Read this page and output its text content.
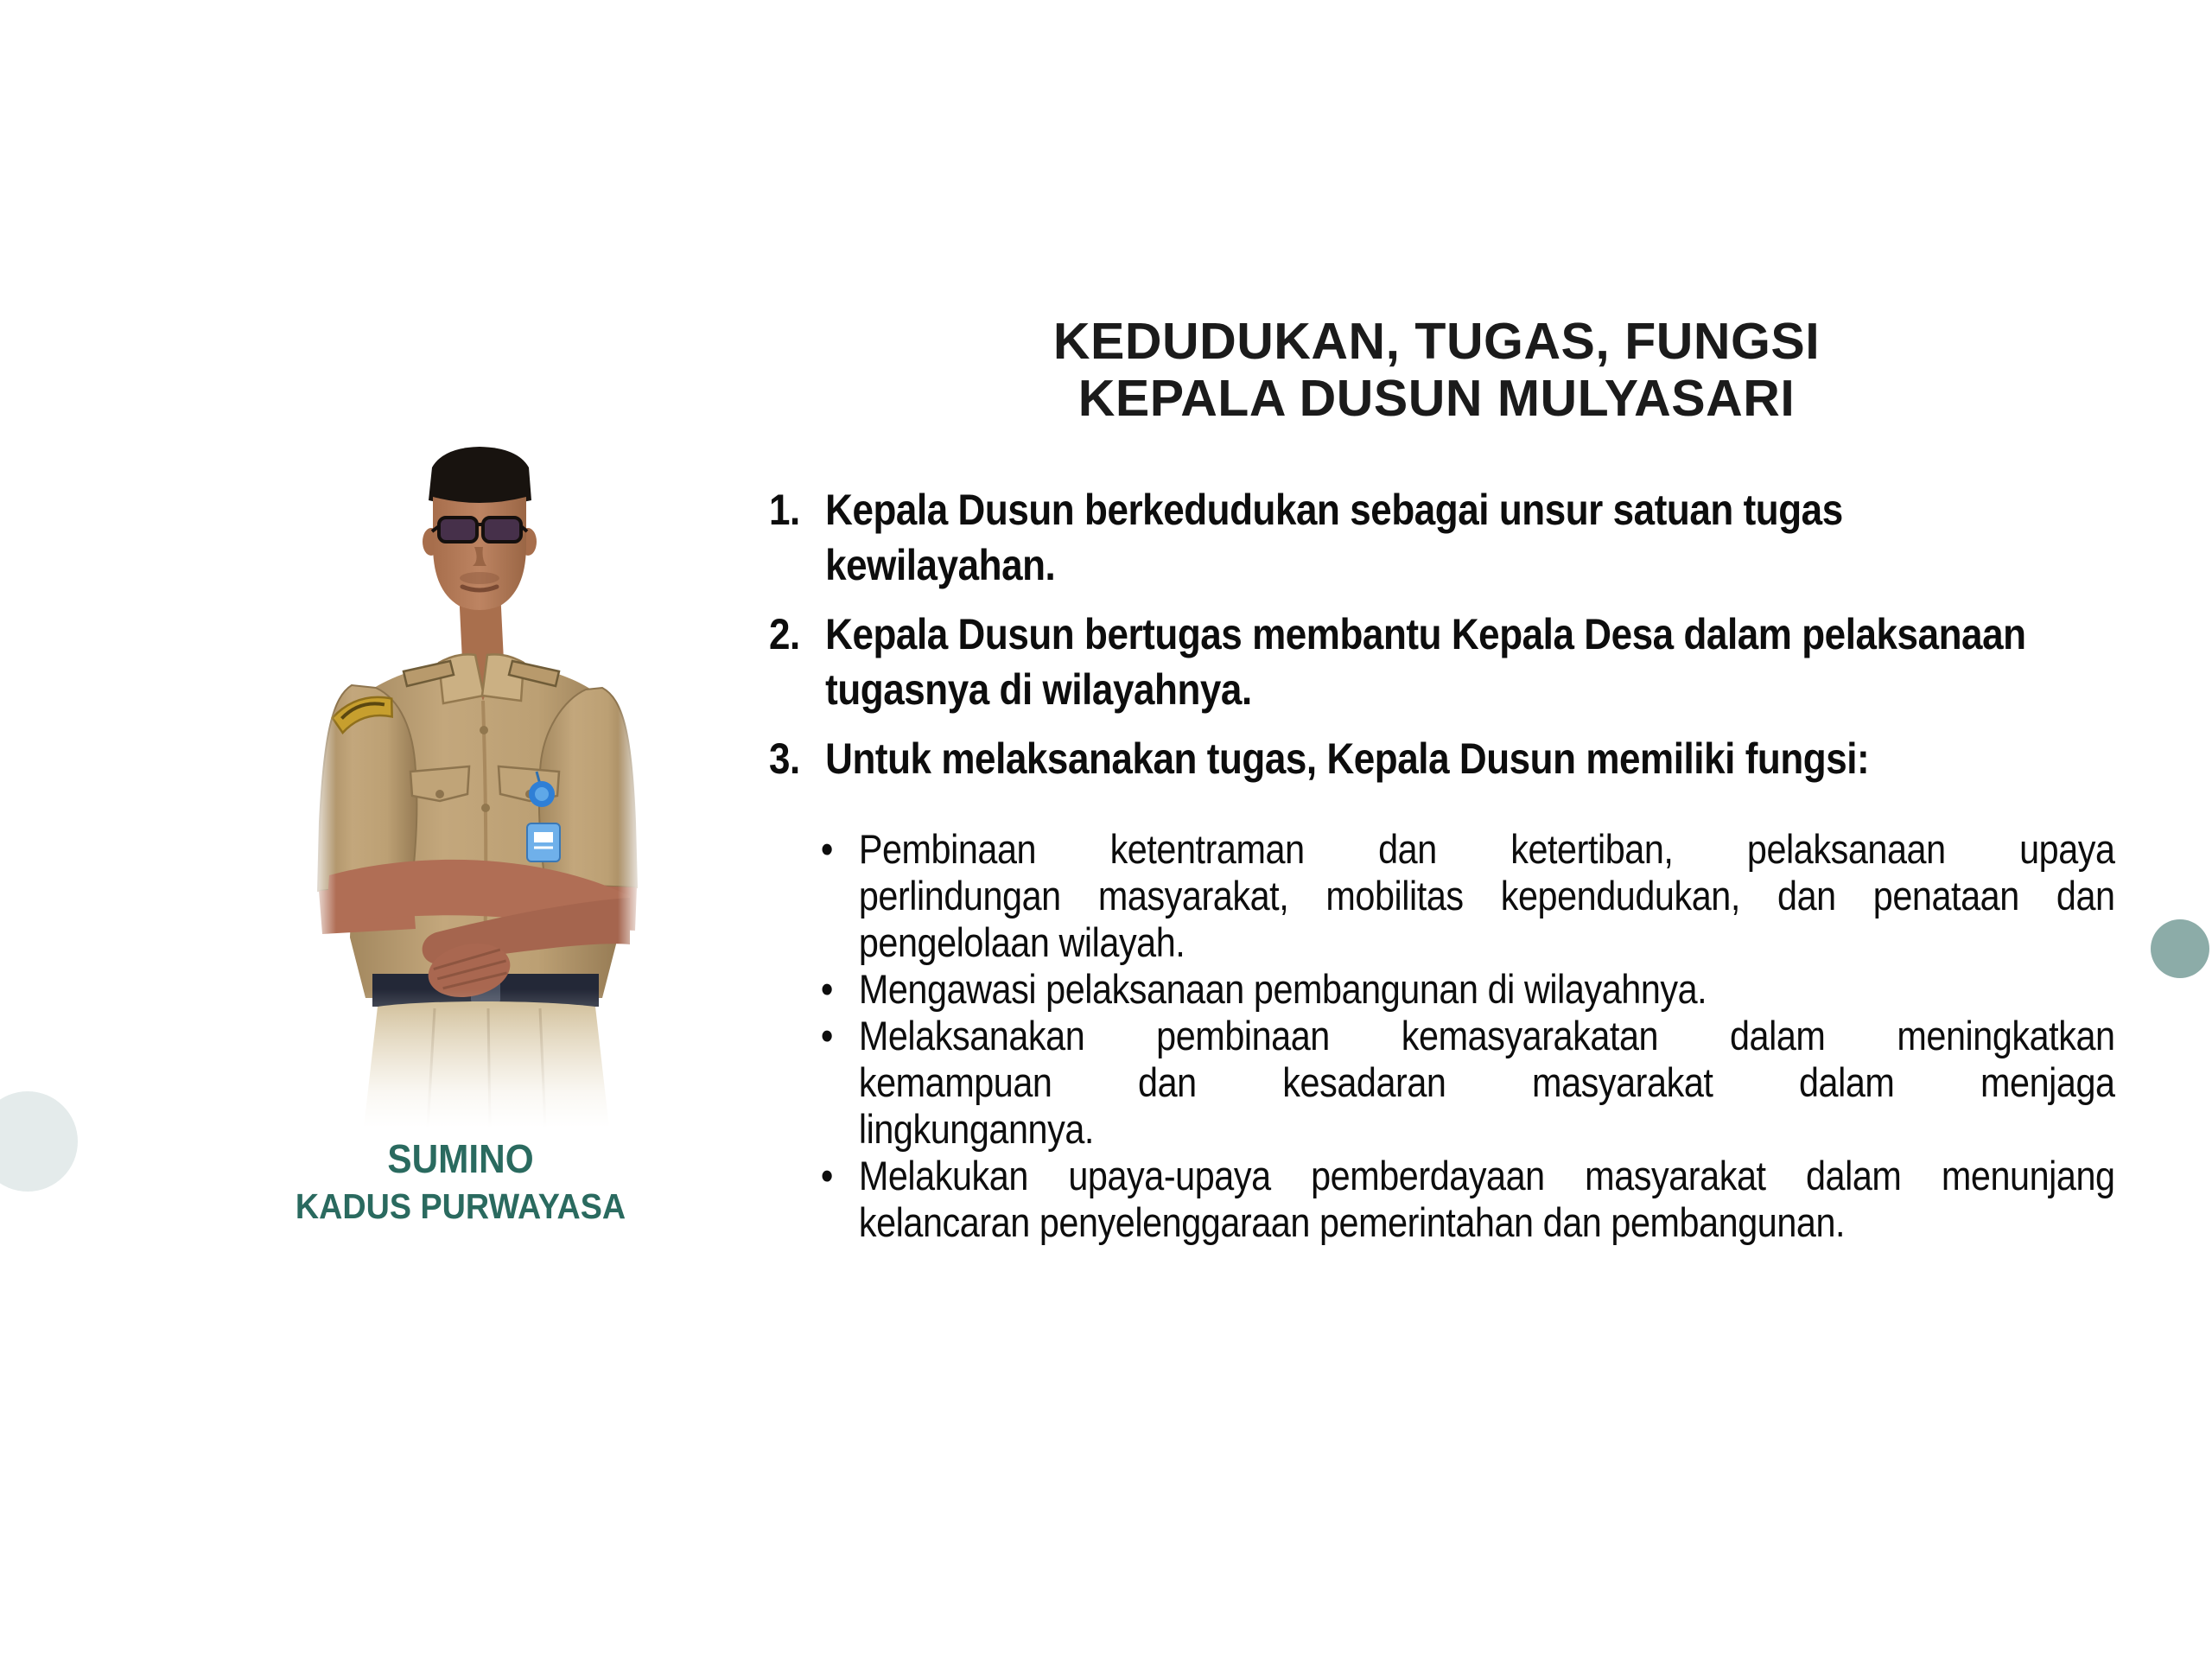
KEDUDUKAN, TUGAS, FUNGSI
KEPALA DUSUN MULYASARI
SUMINO
KADUS PURWAYASA
1. Kepala Dusun berkedudukan sebagai unsur satuan tugas
kewilayahan.
2. Kepala Dusun bertugas membantu Kepala Desa dalam pelaksanaan
tugasnya di wilayahnya.
3. Untuk melaksanakan tugas, Kepala Dusun memiliki fungsi:
• Pembinaan ketentraman dan ketertiban, pelaksanaan upaya
perlindungan masyarakat, mobilitas kependudukan, dan penataan dan
pengelolaan wilayah.
• Mengawasi pelaksanaan pembangunan di wilayahnya.
• Melaksanakan pembinaan kemasyarakatan dalam meningkatkan
kemampuan dan kesadaran masyarakat dalam menjaga
lingkungannya.
• Melakukan upaya-upaya pemberdayaan masyarakat dalam menunjang
kelancaran penyelenggaraan pemerintahan dan pembangunan.
